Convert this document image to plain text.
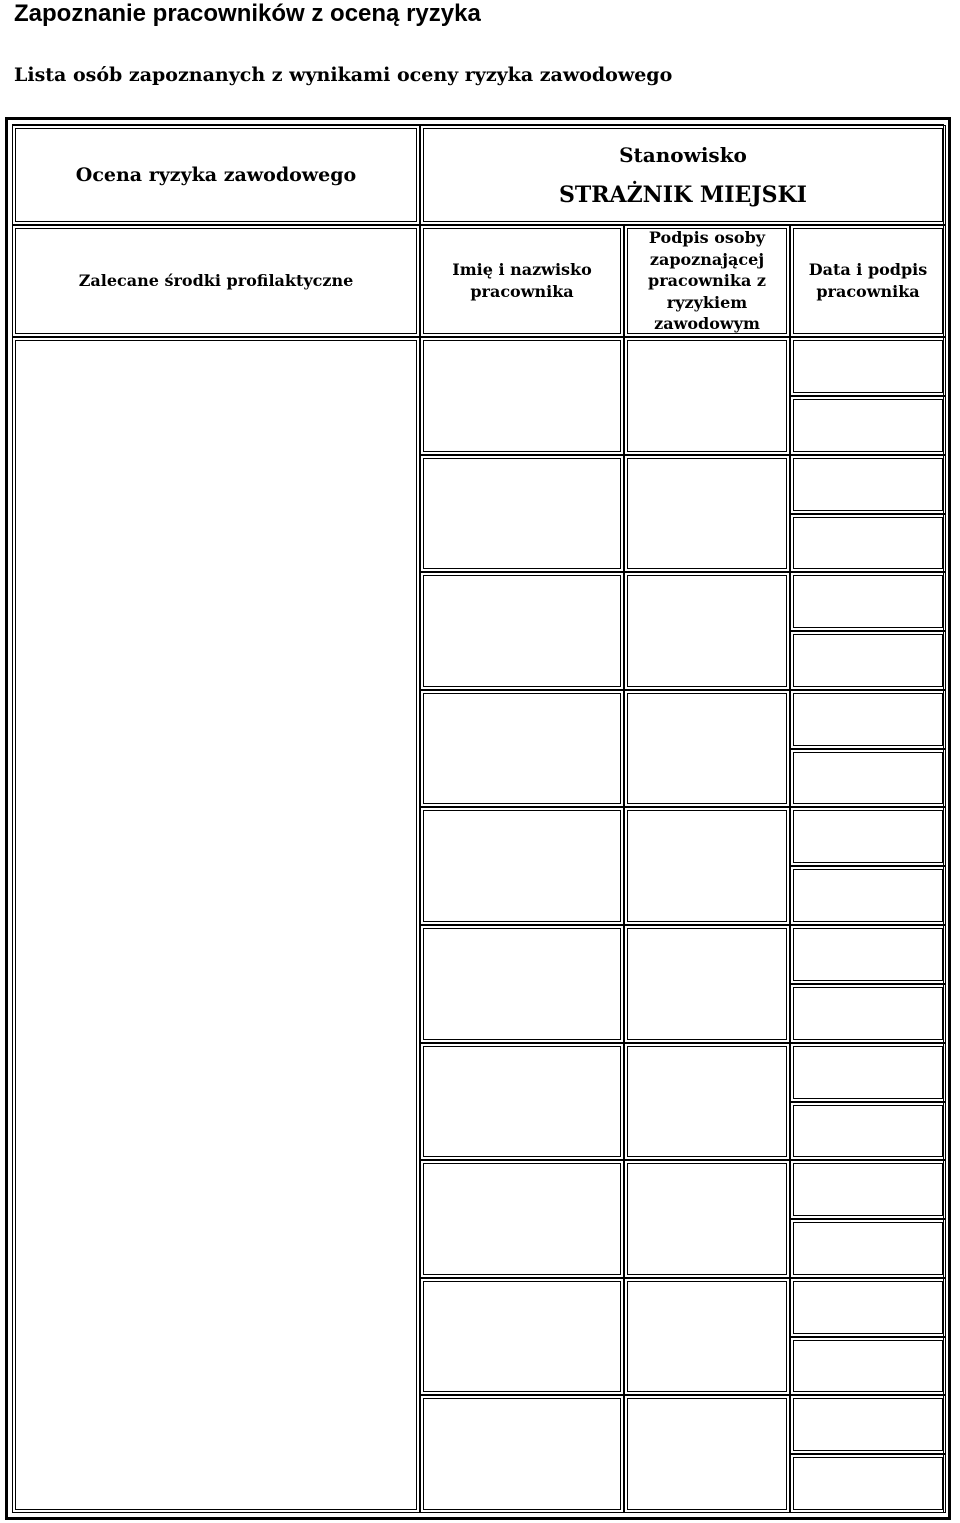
Zapoznanie pracowników z oceną ryzyka
Lista osób zapoznanych z wynikami oceny ryzyka zawodowego
Ocena ryzyka zawodowego
Stanowisko
STRAŻNIK MIEJSKI
Zalecane środki profilaktyczne
Imię i nazwisko pracownika
Podpis osoby zapoznającej pracownika z ryzykiem zawodowym
Data i podpis pracownika
